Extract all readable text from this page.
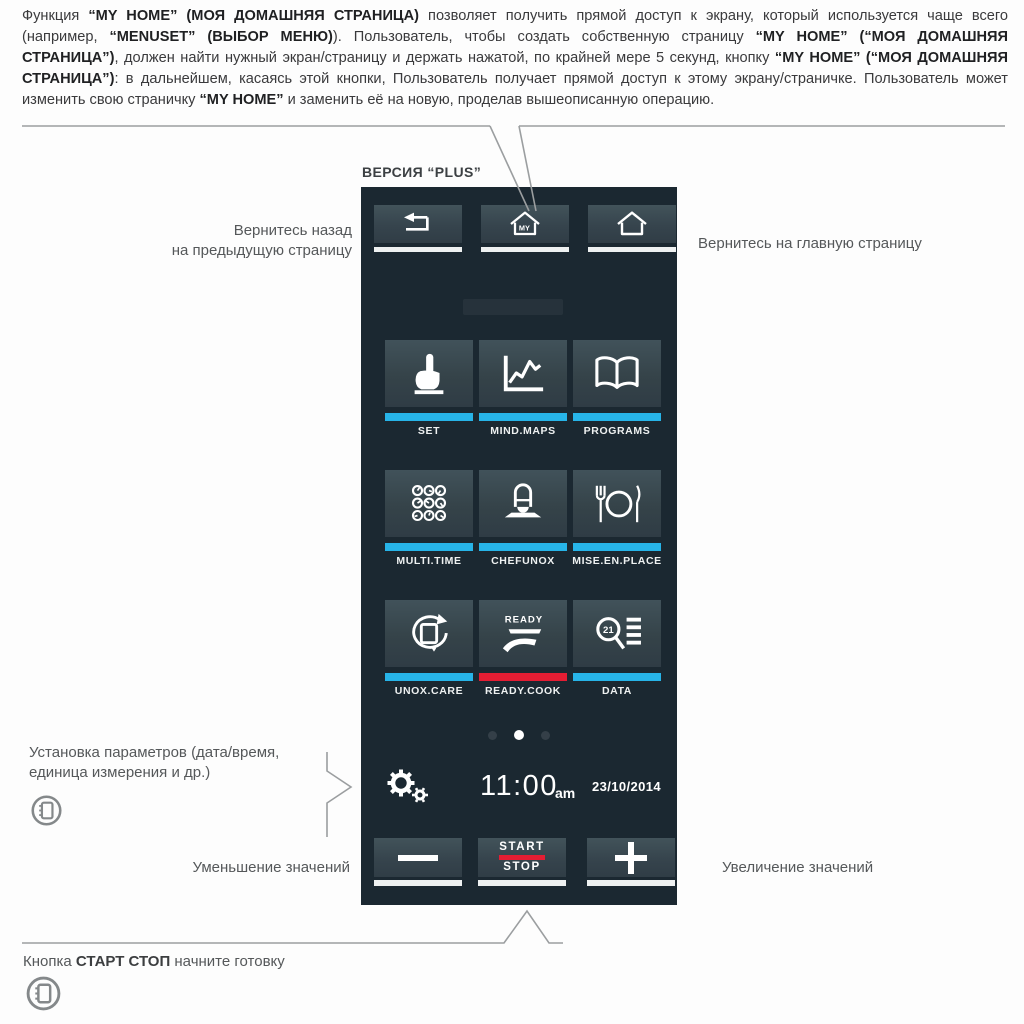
Функция “MY HOME” (МОЯ ДОМАШНЯЯ СТРАНИЦА) позволяет получить прямой доступ к экрану, который используется чаще всего (например, “MENUSET” (ВЫБОР МЕНЮ)). Пользователь, чтобы создать собственную страницу “MY HOME” (“МОЯ ДОМАШНЯЯ СТРАНИЦА”), должен найти нужный экран/страницу и держать нажатой, по крайней мере 5 секунд, кнопку “MY HOME” (“МОЯ ДОМАШНЯЯ СТРАНИЦА”): в дальнейшем, касаясь этой кнопки, Пользователь получает прямой доступ к этому экрану/страничке. Пользователь может изменить свою страничку “MY HOME” и заменить её на новую, проделав вышеописанную операцию.

ВЕРСИЯ “PLUS”
MY
*
SET	MIND.MAPS	PROGRAMS
MULTI.TIME	CHEFUNOX	MISE.EN.PLACE
UNOX.CARE
READY
READY.COOK
21
DATA
11:00
am 23/10/2014
START
STOP
Вернитесь назад
на предыдущую страницу	Вернитесь на главную страницу
Установка параметров (дата/время,
единица измерения и др.)
Уменьшение значений	Увеличение значений
Кнопка СТАРТ СТОП начните готовку
